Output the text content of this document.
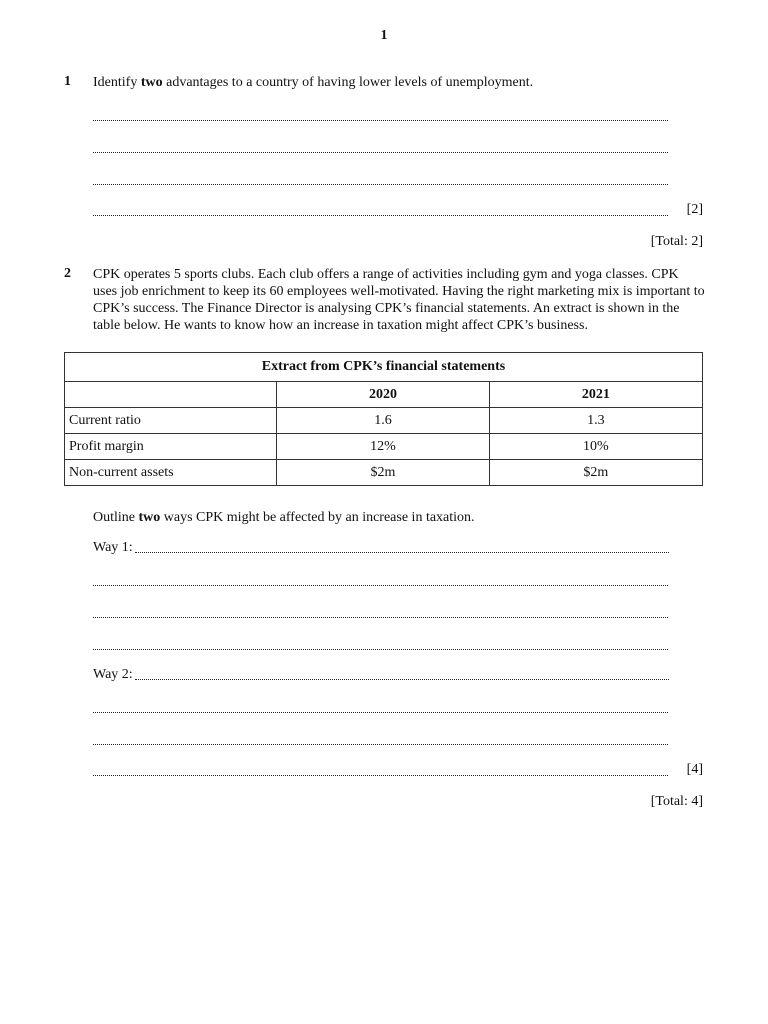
1
1 Identify two advantages to a country of having lower levels of unemployment.
[2]
[Total: 2]
2 CPK operates 5 sports clubs. Each club offers a range of activities including gym and yoga classes. CPK uses job enrichment to keep its 60 employees well-motivated. Having the right marketing mix is important to CPK’s success. The Finance Director is analysing CPK’s financial statements. An extract is shown in the table below. He wants to know how an increase in taxation might affect CPK’s business.
Extract from CPK’s financial statements		
	2020	2021
Current ratio	1.6	1.3
Profit margin	12%	10%
Non-current assets	$2m	$2m
Outline two ways CPK might be affected by an increase in taxation.
Way 1:
Way 2:
[4]
[Total: 4]
